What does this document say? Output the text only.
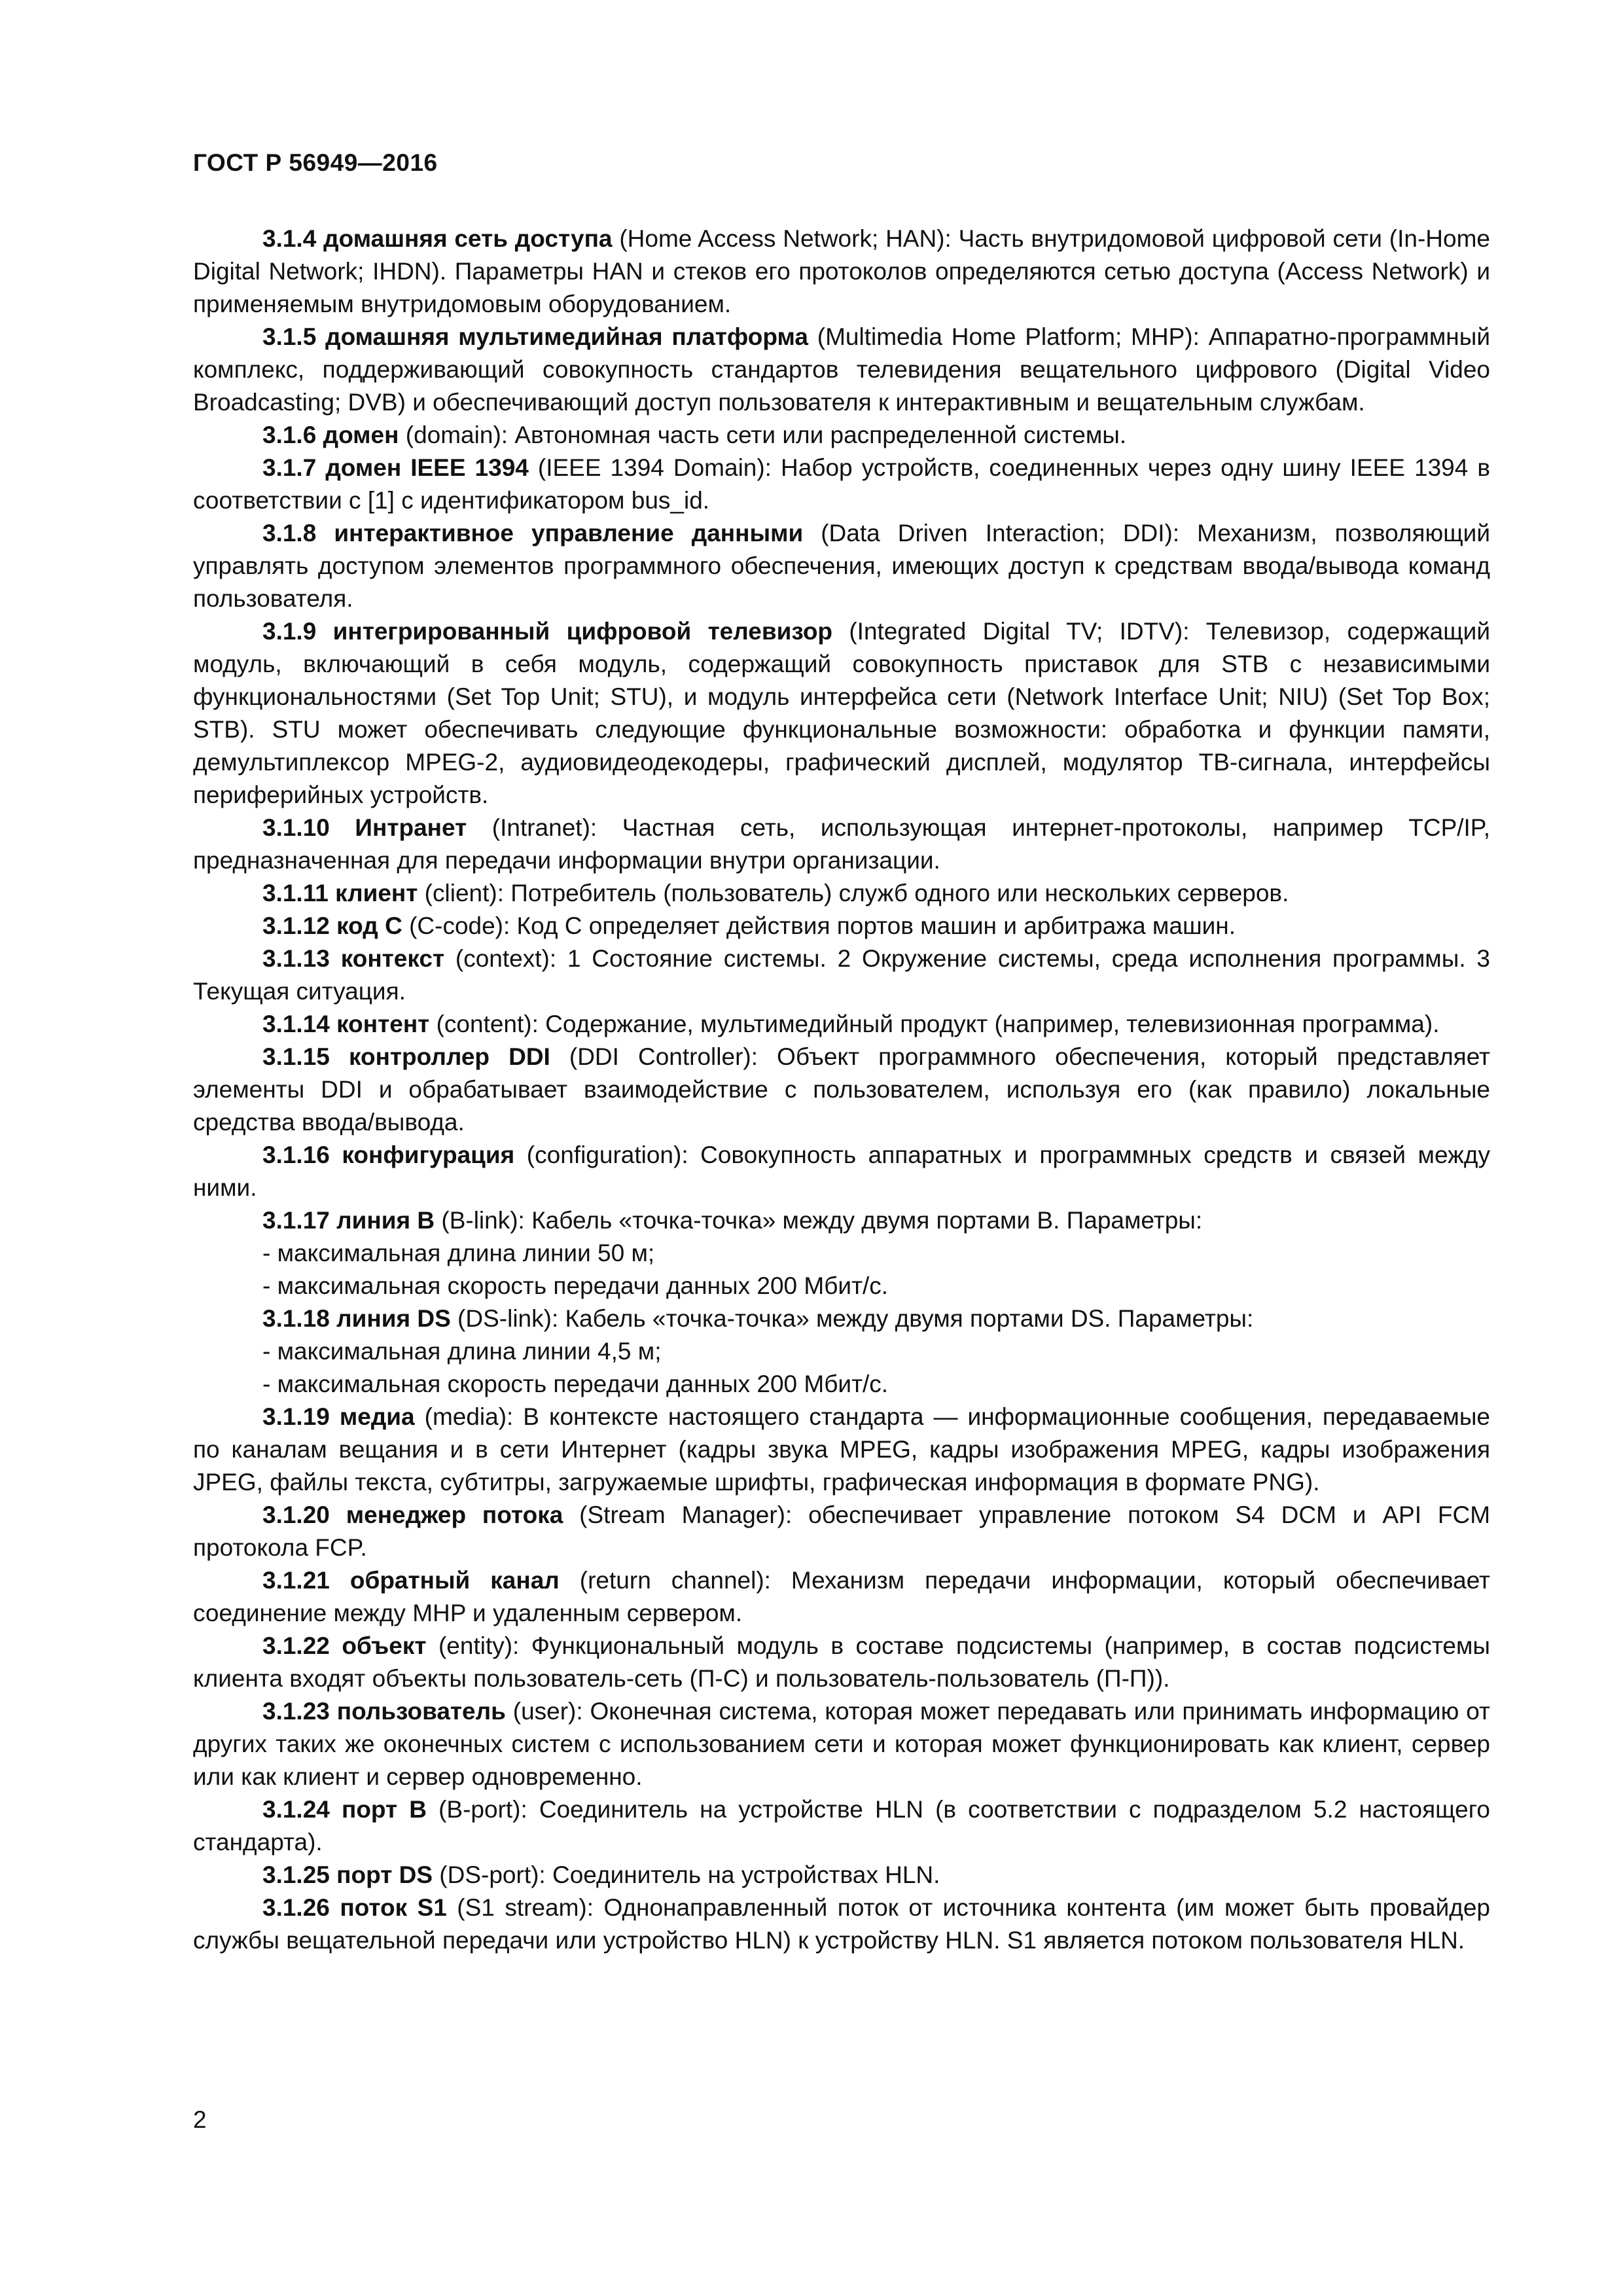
ГОСТ Р 56949—2016

3.1.4 домашняя сеть доступа (Home Access Network; HAN): Часть внутридомовой цифровой сети (In-Home Digital Network; IHDN). Параметры HAN и стеков его протоколов определяются сетью доступа (Access Network) и применяемым внутридомовым оборудованием.

3.1.5 домашняя мультимедийная платформа (Multimedia Home Platform; MHP): Аппаратно-программный комплекс, поддерживающий совокупность стандартов телевидения вещательного цифрового (Digital Video Broadcasting; DVB) и обеспечивающий доступ пользователя к интерактивным и вещательным службам.

3.1.6 домен (domain): Автономная часть сети или распределенной системы.

3.1.7 домен IEEE 1394 (IEEE 1394 Domain): Набор устройств, соединенных через одну шину IEEE 1394 в соответствии с [1] с идентификатором bus_id.

3.1.8 интерактивное управление данными (Data Driven Interaction; DDI): Механизм, позволяющий управлять доступом элементов программного обеспечения, имеющих доступ к средствам ввода/вывода команд пользователя.

3.1.9 интегрированный цифровой телевизор (Integrated Digital TV; IDTV): Телевизор, содержащий модуль, включающий в себя модуль, содержащий совокупность приставок для STB с независимыми функциональностями (Set Top Unit; STU), и модуль интерфейса сети (Network Interface Unit; NIU) (Set Top Box; STB). STU может обеспечивать следующие функциональные возможности: обработка и функции памяти, демультиплексор MPEG-2, аудиовидеодекодеры, графический дисплей, модулятор ТВ-сигнала, интерфейсы периферийных устройств.

3.1.10 Интранет (Intranet): Частная сеть, использующая интернет-протоколы, например TCP/IP, предназначенная для передачи информации внутри организации.

3.1.11 клиент (client): Потребитель (пользователь) служб одного или нескольких серверов.

3.1.12 код С (C-code): Код С определяет действия портов машин и арбитража машин.

3.1.13 контекст (context): 1 Состояние системы. 2 Окружение системы, среда исполнения программы. 3 Текущая ситуация.

3.1.14 контент (content): Содержание, мультимедийный продукт (например, телевизионная программа).

3.1.15 контроллер DDI (DDI Controller): Объект программного обеспечения, который представляет элементы DDI и обрабатывает взаимодействие с пользователем, используя его (как правило) локальные средства ввода/вывода.

3.1.16 конфигурация (configuration): Совокупность аппаратных и программных средств и связей между ними.

3.1.17 линия В (B-link): Кабель «точка-точка» между двумя портами В. Параметры:

- максимальная длина линии 50 м;

- максимальная скорость передачи данных 200 Мбит/с.

3.1.18 линия DS (DS-link): Кабель «точка-точка» между двумя портами DS. Параметры:

- максимальная длина линии 4,5 м;

- максимальная скорость передачи данных 200 Мбит/с.

3.1.19 медиа (media): В контексте настоящего стандарта — информационные сообщения, передаваемые по каналам вещания и в сети Интернет (кадры звука MPEG, кадры изображения MPEG, кадры изображения JPEG, файлы текста, субтитры, загружаемые шрифты, графическая информация в формате PNG).

3.1.20 менеджер потока (Stream Manager): обеспечивает управление потоком S4 DCM и API FCM протокола FCP.

3.1.21 обратный канал (return channel): Механизм передачи информации, который обеспечивает соединение между MHP и удаленным сервером.

3.1.22 объект (entity): Функциональный модуль в составе подсистемы (например, в состав подсистемы клиента входят объекты пользователь-сеть (П-С) и пользователь-пользователь (П-П)).

3.1.23 пользователь (user): Оконечная система, которая может передавать или принимать информацию от других таких же оконечных систем с использованием сети и которая может функционировать как клиент, сервер или как клиент и сервер одновременно.

3.1.24 порт В (B-port): Соединитель на устройстве HLN (в соответствии с подразделом 5.2 настоящего стандарта).

3.1.25 порт DS (DS-port): Соединитель на устройствах HLN.

3.1.26 поток S1 (S1 stream): Однонаправленный поток от источника контента (им может быть провайдер службы вещательной передачи или устройство HLN) к устройству HLN. S1 является потоком пользователя HLN.

2
